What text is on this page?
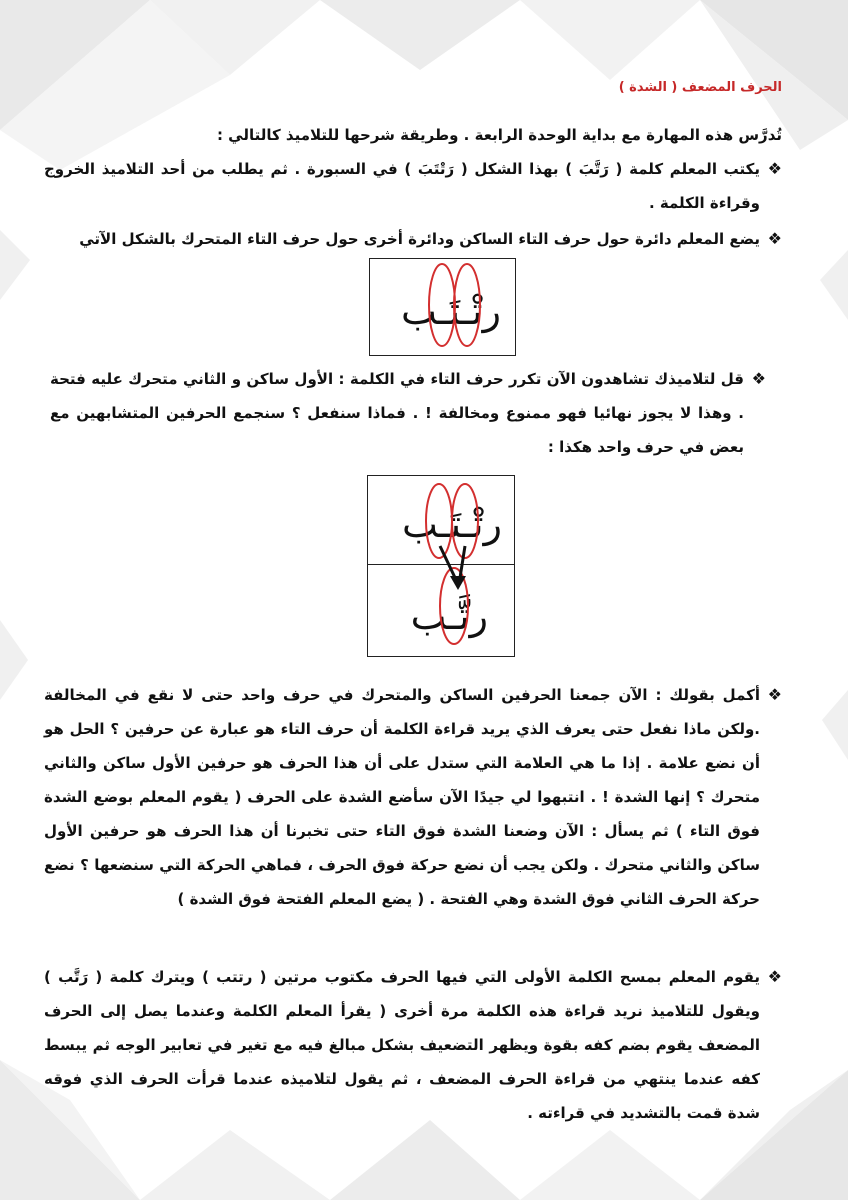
الحرف المضعف ( الشدة )

تُدرَّس هذه المهارة مع بداية الوحدة الرابعة . وطريقة شرحها للتلاميذ كالتالي :

❖
يكتب المعلم كلمة ( رَتَّبَ ) بهذا الشكل ( رَتْتَبَ ) في السبورة . ثم يطلب من أحد التلاميذ الخروج وقراءة الكلمة .

❖
يضع المعلم دائرة حول حرف التاء الساكن ودائرة أخرى حول حرف التاء المتحرك بالشكل الآتي

رتْـتَـب

❖
قل لتلاميذك تشاهدون الآن تكرر حرف التاء في الكلمة : الأول ساكن و الثاني متحرك عليه فتحة . وهذا لا يجوز نهائيا فهو ممنوع ومخالفة ! . فماذا سنفعل ؟ سنجمع الحرفين المتشابهين مع بعض في حرف واحد هكذا :

رتْـتَـب
رتَّـب

❖
أكمل بقولك : الآن جمعنا الحرفين الساكن والمتحرك في حرف واحد حتى لا نقع في المخالفة .ولكن ماذا نفعل حتى يعرف الذي يريد قراءة الكلمة أن حرف التاء هو عبارة عن حرفين ؟ الحل هو أن نضع علامة . إذا ما هي العلامة التي ستدل على أن هذا الحرف هو حرفين الأول ساكن والثاني متحرك ؟ إنها الشدة ! . انتبهوا لي جيدًا الآن سأضع الشدة على الحرف ( يقوم المعلم بوضع الشدة فوق التاء ) ثم يسأل : الآن وضعنا الشدة فوق التاء حتى تخبرنا أن هذا الحرف هو حرفين الأول ساكن والثاني متحرك . ولكن يجب أن نضع حركة فوق الحرف ، فماهي الحركة التي سنضعها ؟ نضع حركة الحرف الثاني فوق الشدة وهي الفتحة . ( يضع المعلم الفتحة فوق الشدة )

❖
يقوم المعلم بمسح الكلمة الأولى التي فيها الحرف مكتوب مرتين ( رتتب ) ويترك كلمة ( رَتَّب ) ويقول للتلاميذ نريد قراءة هذه الكلمة مرة أخرى ( يقرأ المعلم الكلمة وعندما يصل إلى الحرف المضعف يقوم بضم كفه بقوة ويظهر التضعيف بشكل مبالغ فيه مع تغير في تعابير الوجه ثم يبسط كفه عندما ينتهي من قراءة الحرف المضعف ، ثم يقول لتلاميذه عندما قرأت الحرف الذي فوقه شدة قمت بالتشديد في قراءته .
